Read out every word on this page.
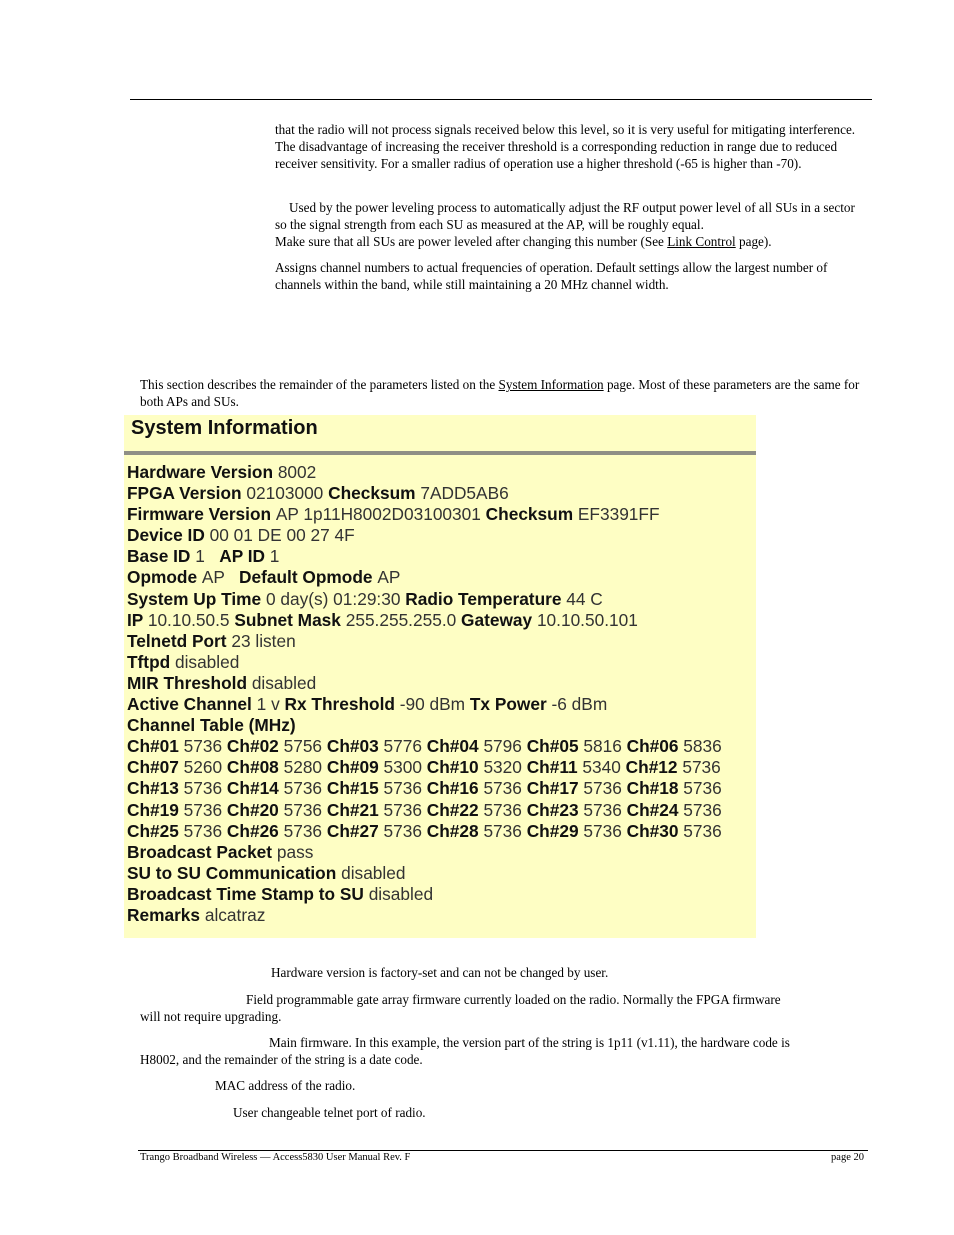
that the radio will not process signals received below this level, so it is very useful for mitigating interference. The disadvantage of increasing the receiver threshold is a corresponding reduction in range due to reduced receiver sensitivity. For a smaller radius of operation use a higher threshold (-65 is higher than -70).

Used by the power leveling process to automatically adjust the RF output power level of all SUs in a sector so the signal strength from each SU as measured at the AP, will be roughly equal.
Make sure that all SUs are power leveled after changing this number (See Link Control page).

Assigns channel numbers to actual frequencies of operation. Default settings allow the largest number of channels within the band, while still maintaining a 20 MHz channel width.

This section describes the remainder of the parameters listed on the System Information page. Most of these parameters are the same for both APs and SUs.

System Information
Hardware Version 8002
FPGA Version 02103000 Checksum 7ADD5AB6
Firmware Version AP 1p11H8002D03100301 Checksum EF3391FF
Device ID 00 01 DE 00 27 4F
Base ID 1   AP ID 1
Opmode AP   Default Opmode AP
System Up Time 0 day(s) 01:29:30 Radio Temperature 44 C
IP 10.10.50.5 Subnet Mask 255.255.255.0 Gateway 10.10.50.101
Telnetd Port 23 listen
Tftpd disabled
MIR Threshold disabled
Active Channel 1 v Rx Threshold -90 dBm Tx Power -6 dBm
Channel Table (MHz)
Ch#01 5736 Ch#02 5756 Ch#03 5776 Ch#04 5796 Ch#05 5816 Ch#06 5836
Ch#07 5260 Ch#08 5280 Ch#09 5300 Ch#10 5320 Ch#11 5340 Ch#12 5736
Ch#13 5736 Ch#14 5736 Ch#15 5736 Ch#16 5736 Ch#17 5736 Ch#18 5736
Ch#19 5736 Ch#20 5736 Ch#21 5736 Ch#22 5736 Ch#23 5736 Ch#24 5736
Ch#25 5736 Ch#26 5736 Ch#27 5736 Ch#28 5736 Ch#29 5736 Ch#30 5736
Broadcast Packet pass
SU to SU Communication disabled
Broadcast Time Stamp to SU disabled
Remarks alcatraz

Hardware version is factory-set and can not be changed by user.

Field programmable gate array firmware currently loaded on the radio. Normally the FPGA firmware
will not require upgrading.

Main firmware. In this example, the version part of the string is 1p11 (v1.11), the hardware code is
H8002, and the remainder of the string is a date code.

MAC address of the radio.

User changeable telnet port of radio.

Trango Broadband Wireless — Access5830 User Manual Rev. F	page 20
